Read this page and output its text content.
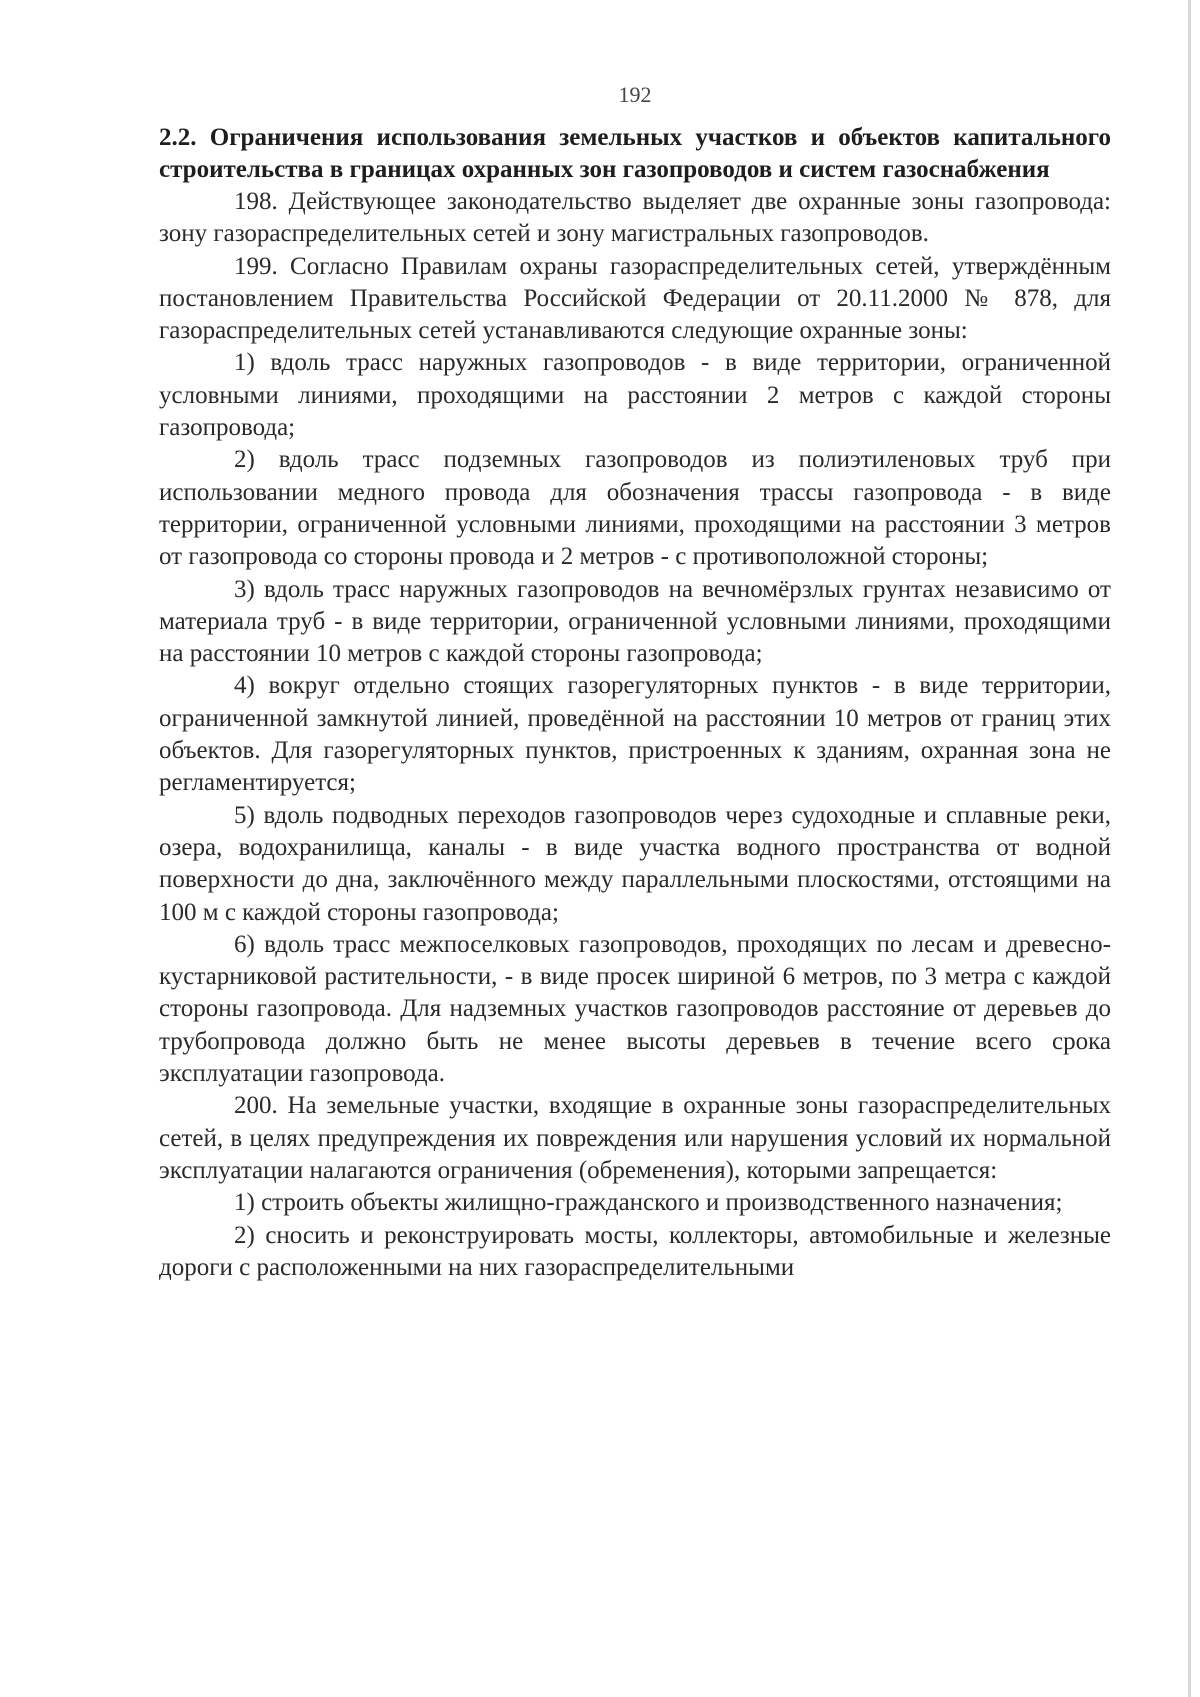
192

2.2. Ограничения использования земельных участков и объектов капитального строительства в границах охранных зон газопроводов и систем газоснабжения

198. Действующее законодательство выделяет две охранные зоны газопровода: зону газораспределительных сетей и зону магистральных газопроводов.

199. Согласно Правилам охраны газораспределительных сетей, утверждённым постановлением Правительства Российской Федерации от 20.11.2000 № 878, для газораспределительных сетей устанавливаются следующие охранные зоны:

1) вдоль трасс наружных газопроводов - в виде территории, ограниченной условными линиями, проходящими на расстоянии 2 метров с каждой стороны газопровода;

2) вдоль трасс подземных газопроводов из полиэтиленовых труб при использовании медного провода для обозначения трассы газопровода - в виде территории, ограниченной условными линиями, проходящими на расстоянии 3 метров от газопровода со стороны провода и 2 метров - с противоположной стороны;

3) вдоль трасс наружных газопроводов на вечномёрзлых грунтах независимо от материала труб - в виде территории, ограниченной условными линиями, проходящими на расстоянии 10 метров с каждой стороны газопровода;

4) вокруг отдельно стоящих газорегуляторных пунктов - в виде территории, ограниченной замкнутой линией, проведённой на расстоянии 10 метров от границ этих объектов. Для газорегуляторных пунктов, пристроенных к зданиям, охранная зона не регламентируется;

5) вдоль подводных переходов газопроводов через судоходные и сплавные реки, озера, водохранилища, каналы - в виде участка водного пространства от водной поверхности до дна, заключённого между параллельными плоскостями, отстоящими на 100 м с каждой стороны газопровода;

6) вдоль трасс межпоселковых газопроводов, проходящих по лесам и древесно-кустарниковой растительности, - в виде просек шириной 6 метров, по 3 метра с каждой стороны газопровода. Для надземных участков газопроводов расстояние от деревьев до трубопровода должно быть не менее высоты деревьев в течение всего срока эксплуатации газопровода.

200. На земельные участки, входящие в охранные зоны газораспределительных сетей, в целях предупреждения их повреждения или нарушения условий их нормальной эксплуатации налагаются ограничения (обременения), которыми запрещается:

1) строить объекты жилищно-гражданского и производственного назначения;

2) сносить и реконструировать мосты, коллекторы, автомобильные и железные дороги с расположенными на них газораспределительными
